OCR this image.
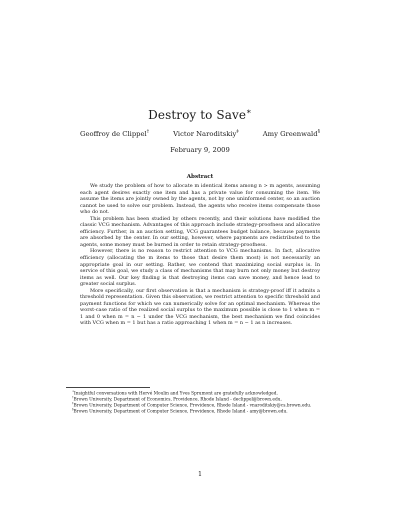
Destroy to Save∗
Geoffroy de Clippel†	Victor Naroditskiy‡	Amy Greenwald§
February 9, 2009
Abstract

We study the problem of how to allocate m identical items among n > m agents, assuming each agent desires exactly one item and has a private value for consuming the item. We assume the items are jointly owned by the agents, not by one uninformed center, so an auction cannot be used to solve our problem. Instead, the agents who receive items compensate those who do not.

This problem has been studied by others recently, and their solutions have modified the classic VCG mechanism. Advantages of this approach include strategy-proofness and allocative efficiency. Further, in an auction setting, VCG guarantees budget balance, because payments are absorbed by the center. In our setting, however, where payments are redistributed to the agents, some money must be burned in order to retain strategy-proofness.

However, there is no reason to restrict attention to VCG mechanisms. In fact, allocative efficiency (allocating the m items to those that desire them most) is not necessarily an appropriate goal in our setting. Rather, we contend that maximizing social surplus is. In service of this goal, we study a class of mechanisms that may burn not only money but destroy items as well. Our key finding is that destroying items can save money, and hence lead to greater social surplus.

More specifically, our first observation is that a mechanism is strategy-proof iff it admits a threshold representation. Given this observation, we restrict attention to specific threshold and payment functions for which we can numerically solve for an optimal mechanism. Whereas the worst-case ratio of the realized social surplus to the maximum possible is close to 1 when m = 1 and 0 when m = n − 1 under the VCG mechanism, the best mechanism we find coincides with VCG when m = 1 but has a ratio approaching 1 when m = n − 1 as n increases.

∗Insightful conversations with Hervé Moulin and Yves Sprumont are gratefully acknowledged.

†Brown University, Department of Economics, Providence, Rhode Island - declippel@brown.edu.

‡Brown University, Department of Computer Science, Providence, Rhode Island - vnaroditskiy@cs.brown.edu.

§Brown University, Department of Computer Science, Providence, Rhode Island - amy@brown.edu.

1
